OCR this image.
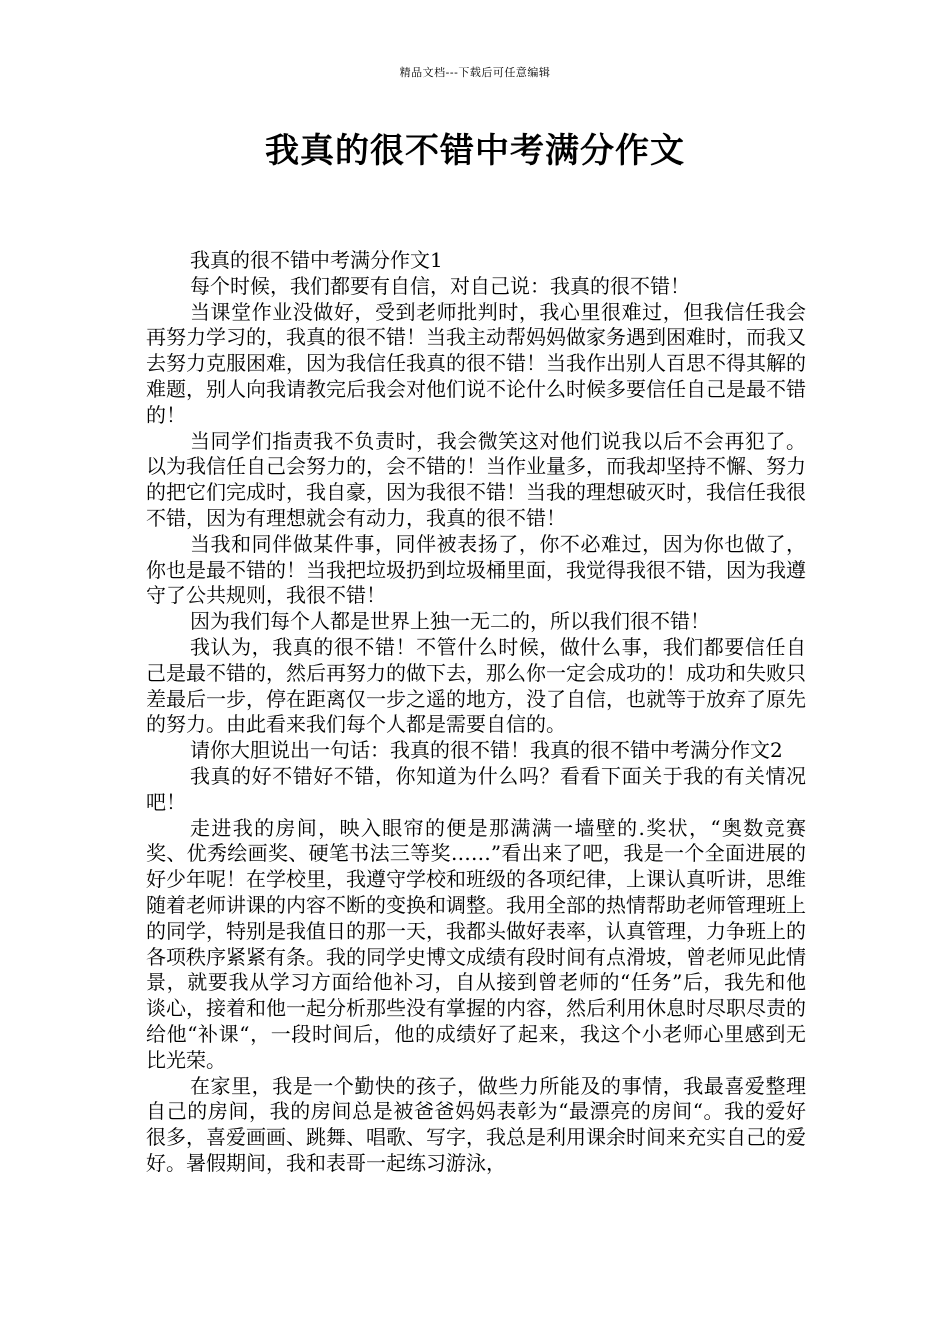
精品文档---下载后可任意编辑
我真的很不错中考满分作文

我真的很不错中考满分作文1

每个时候，我们都要有自信，对自己说：我真的很不错！

当课堂作业没做好，受到老师批判时，我心里很难过，但我信任我会再努力学习的，我真的很不错！当我主动帮妈妈做家务遇到困难时，而我又去努力克服困难，因为我信任我真的很不错！当我作出别人百思不得其解的难题，别人向我请教完后我会对他们说不论什么时候多要信任自己是最不错的！

当同学们指责我不负责时，我会微笑这对他们说我以后不会再犯了。以为我信任自己会努力的，会不错的！当作业量多，而我却坚持不懈、努力的把它们完成时，我自豪，因为我很不错！当我的理想破灭时，我信任我很不错，因为有理想就会有动力，我真的很不错！

当我和同伴做某件事，同伴被表扬了，你不必难过，因为你也做了，你也是最不错的！当我把垃圾扔到垃圾桶里面，我觉得我很不错，因为我遵守了公共规则，我很不错！

因为我们每个人都是世界上独一无二的，所以我们很不错！

我认为，我真的很不错！不管什么时候，做什么事，我们都要信任自己是最不错的，然后再努力的做下去，那么你一定会成功的！成功和失败只差最后一步，停在距离仅一步之遥的地方，没了自信，也就等于放弃了原先的努力。由此看来我们每个人都是需要自信的。

请你大胆说出一句话：我真的很不错！我真的很不错中考满分作文2

我真的好不错好不错，你知道为什么吗？看看下面关于我的有关情况吧！

走进我的房间，映入眼帘的便是那满满一墙壁的.奖状，“奥数竞赛奖、优秀绘画奖、硬笔书法三等奖……”看出来了吧，我是一个全面进展的好少年呢！在学校里，我遵守学校和班级的各项纪律，上课认真听讲，思维随着老师讲课的内容不断的变换和调整。我用全部的热情帮助老师管理班上的同学，特别是我值日的那一天，我都头做好表率，认真管理，力争班上的各项秩序紧紧有条。我的同学史博文成绩有段时间有点滑坡，曾老师见此情景，就要我从学习方面给他补习，自从接到曾老师的“任务”后，我先和他谈心，接着和他一起分析那些没有掌握的内容，然后利用休息时尽职尽责的给他“补课“，一段时间后，他的成绩好了起来，我这个小老师心里感到无比光荣。

在家里，我是一个勤快的孩子，做些力所能及的事情，我最喜爱整理自己的房间，我的房间总是被爸爸妈妈表彰为“最漂亮的房间“。我的爱好很多，喜爱画画、跳舞、唱歌、写字，我总是利用课余时间来充实自己的爱好。暑假期间，我和表哥一起练习游泳，
